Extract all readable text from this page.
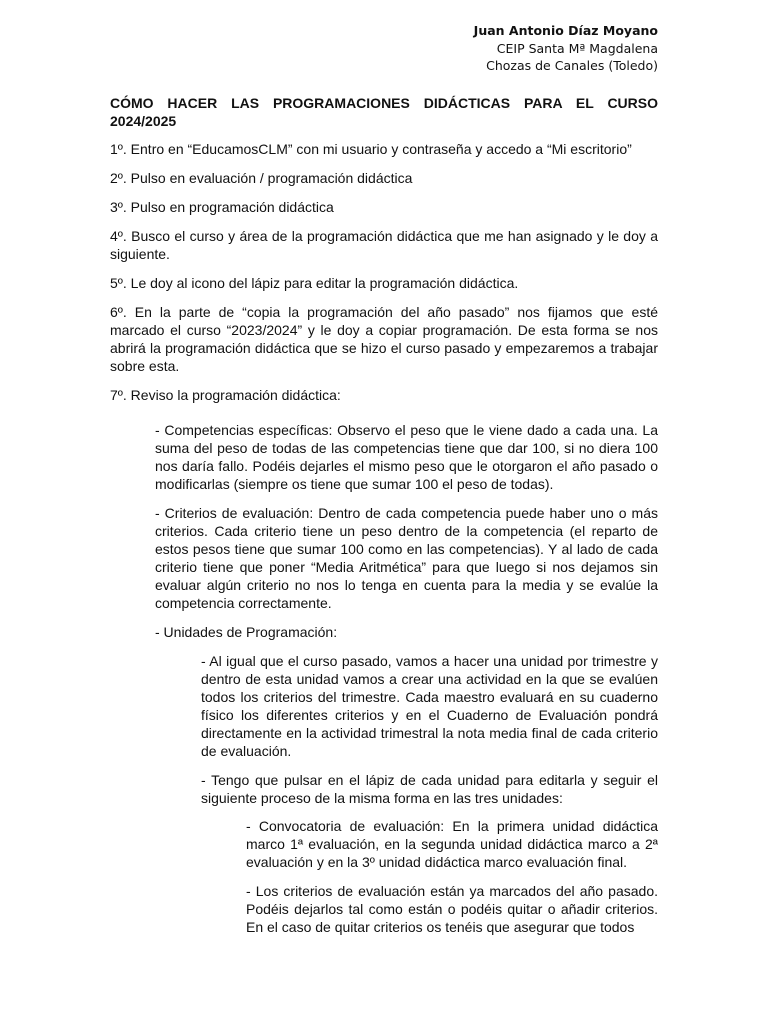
Juan Antonio Díaz Moyano
CEIP Santa Mª Magdalena
Chozas de Canales (Toledo)
CÓMO HACER LAS PROGRAMACIONES DIDÁCTICAS PARA EL CURSO 2024/2025
1º. Entro en “EducamosCLM” con mi usuario y contraseña y accedo a “Mi escritorio”
2º. Pulso en evaluación / programación didáctica
3º. Pulso en programación didáctica
4º. Busco el curso y área de la programación didáctica que me han asignado y le doy a siguiente.
5º. Le doy al icono del lápiz para editar la programación didáctica.
6º. En la parte de “copia la programación del año pasado” nos fijamos que esté marcado el curso “2023/2024” y le doy a copiar programación. De esta forma se nos abrirá la programación didáctica que se hizo el curso pasado y empezaremos a trabajar sobre esta.
7º. Reviso la programación didáctica:
- Competencias específicas: Observo el peso que le viene dado a cada una. La suma del peso de todas de las competencias tiene que dar 100, si no diera 100 nos daría fallo. Podéis dejarles el mismo peso que le otorgaron el año pasado o modificarlas (siempre os tiene que sumar 100 el peso de todas).
- Criterios de evaluación: Dentro de cada competencia puede haber uno o más criterios. Cada criterio tiene un peso dentro de la competencia (el reparto de estos pesos tiene que sumar 100 como en las competencias). Y al lado de cada criterio tiene que poner “Media Aritmética” para que luego si nos dejamos sin evaluar algún criterio no nos lo tenga en cuenta para la media y se evalúe la competencia correctamente.
- Unidades de Programación:
- Al igual que el curso pasado, vamos a hacer una unidad por trimestre y dentro de esta unidad vamos a crear una actividad en la que se evalúen todos los criterios del trimestre. Cada maestro evaluará en su cuaderno físico los diferentes criterios y en el Cuaderno de Evaluación pondrá directamente en la actividad trimestral la nota media final de cada criterio de evaluación.
- Tengo que pulsar en el lápiz de cada unidad para editarla y seguir el siguiente proceso de la misma forma en las tres unidades:
- Convocatoria de evaluación: En la primera unidad didáctica marco 1ª evaluación, en la segunda unidad didáctica marco a 2ª evaluación y en la 3º unidad didáctica marco evaluación final.
- Los criterios de evaluación están ya marcados del año pasado. Podéis dejarlos tal como están o podéis quitar o añadir criterios. En el caso de quitar criterios os tenéis que asegurar que todos
